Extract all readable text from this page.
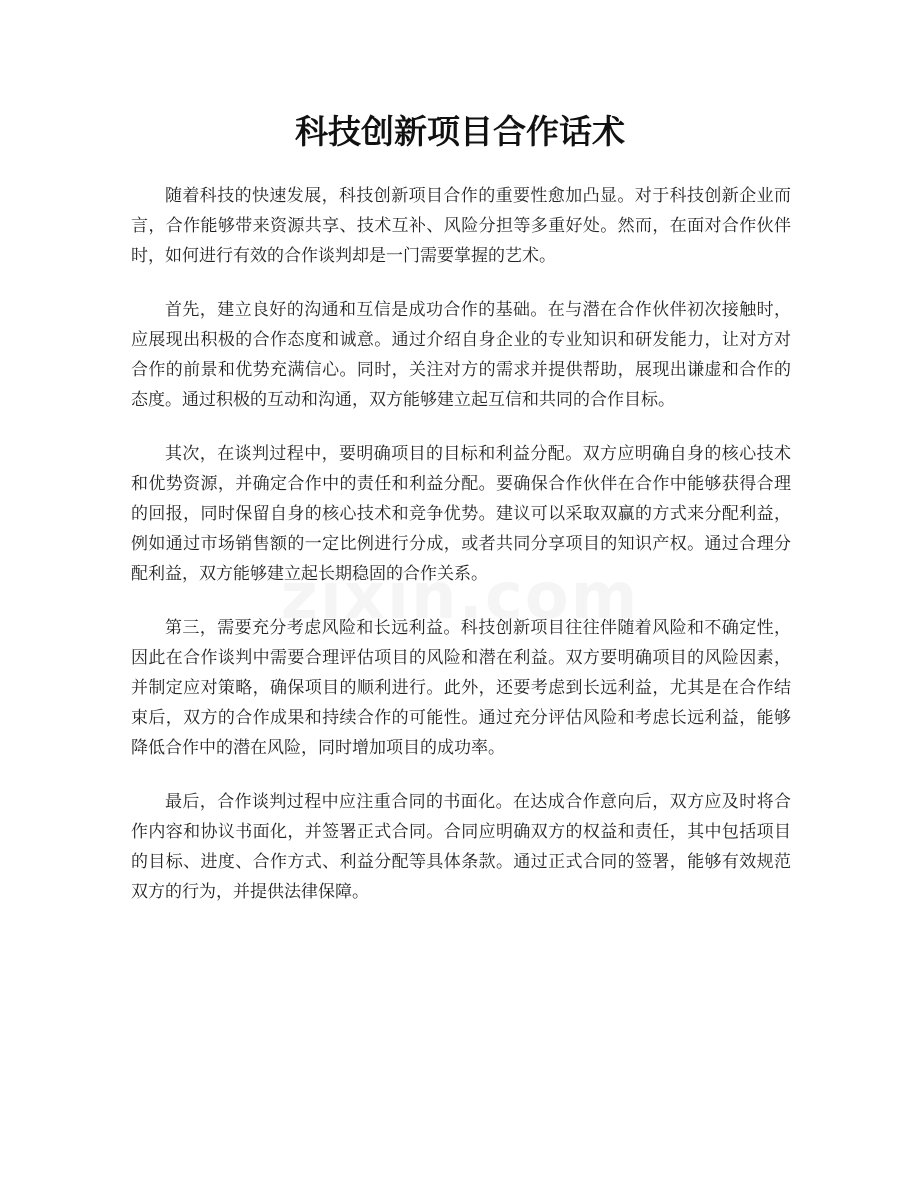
科技创新项目合作话术

随着科技的快速发展，科技创新项目合作的重要性愈加凸显。对于科技创新企业而言，合作能够带来资源共享、技术互补、风险分担等多重好处。然而，在面对合作伙伴时，如何进行有效的合作谈判却是一门需要掌握的艺术。

首先，建立良好的沟通和互信是成功合作的基础。在与潜在合作伙伴初次接触时，应展现出积极的合作态度和诚意。通过介绍自身企业的专业知识和研发能力，让对方对合作的前景和优势充满信心。同时，关注对方的需求并提供帮助，展现出谦虚和合作的态度。通过积极的互动和沟通，双方能够建立起互信和共同的合作目标。

其次，在谈判过程中，要明确项目的目标和利益分配。双方应明确自身的核心技术和优势资源，并确定合作中的责任和利益分配。要确保合作伙伴在合作中能够获得合理的回报，同时保留自身的核心技术和竞争优势。建议可以采取双赢的方式来分配利益，例如通过市场销售额的一定比例进行分成，或者共同分享项目的知识产权。通过合理分配利益，双方能够建立起长期稳固的合作关系。

第三，需要充分考虑风险和长远利益。科技创新项目往往伴随着风险和不确定性，因此在合作谈判中需要合理评估项目的风险和潜在利益。双方要明确项目的风险因素，并制定应对策略，确保项目的顺利进行。此外，还要考虑到长远利益，尤其是在合作结束后，双方的合作成果和持续合作的可能性。通过充分评估风险和考虑长远利益，能够降低合作中的潜在风险，同时增加项目的成功率。

最后，合作谈判过程中应注重合同的书面化。在达成合作意向后，双方应及时将合作内容和协议书面化，并签署正式合同。合同应明确双方的权益和责任，其中包括项目的目标、进度、合作方式、利益分配等具体条款。通过正式合同的签署，能够有效规范双方的行为，并提供法律保障。
